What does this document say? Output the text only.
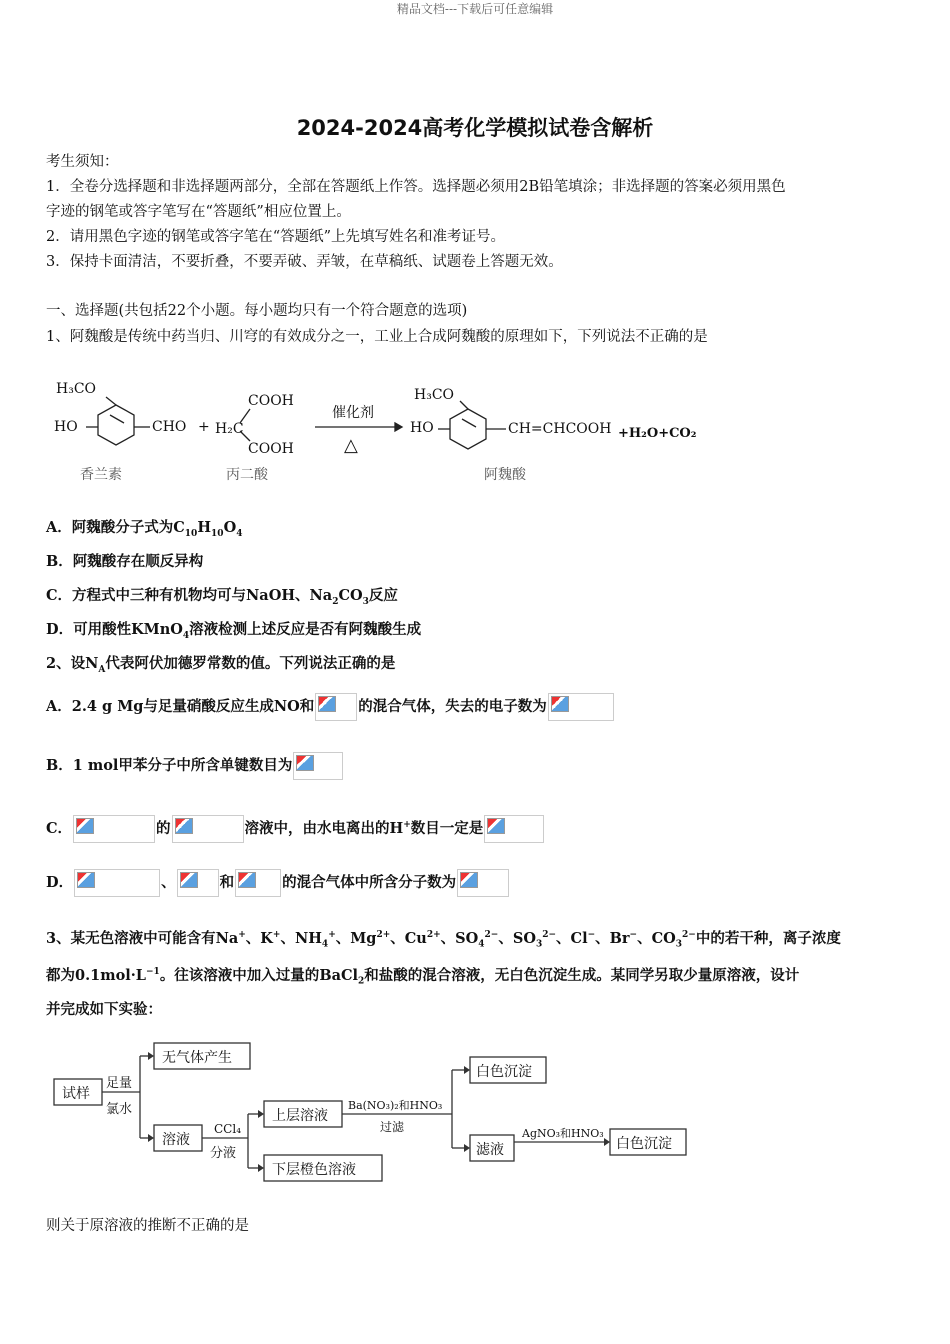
精品文档---下载后可任意编辑
2024-2024高考化学模拟试卷含解析
考生须知：
1．全卷分选择题和非选择题两部分，全部在答题纸上作答。选择题必须用2B铅笔填涂；非选择题的答案必须用黑色
字迹的钢笔或答字笔写在“答题纸”相应位置上。
2．请用黑色字迹的钢笔或答字笔在“答题纸”上先填写姓名和准考证号。
3．保持卡面清洁，不要折叠，不要弄破、弄皱，在草稿纸、试题卷上答题无效。
一、选择题(共包括22个小题。每小题均只有一个符合题意的选项)
1、阿魏酸是传统中药当归、川穹的有效成分之一，工业上合成阿魏酸的原理如下，下列说法不正确的是
H₃CO
HO	CHO +
COOH
H₂C
COOH
催化剂
△
H₃CO
HO	CH=CHCOOH +H₂O+CO₂
香兰素	丙二酸	阿魏酸
A．阿魏酸分子式为$C_{10}H_{10}O_4$
B．阿魏酸存在顺反异构
C．方程式中三种有机物均可与NaOH、$Na_2CO_3$反应
D．可用酸性KMnO$_4$溶液检测上述反应是否有阿魏酸生成
2、设$N_A$代表阿伏加德罗常数的值。下列说法正确的是
A．2.4 g Mg与足量硝酸反应生成NO和	的混合气体，失去的电子数为
B．1 mol甲苯分子中所含单键数目为
C．	的	溶液中，由水电离出的H+数目一定是
D．	、	和	的混合气体中所含分子数为
3、某无色溶液中可能含有Na+、K+、$NH_4^+$、$Mg^{2+}$、$Cu^{2+}$、$SO_4^{2-}$、$SO_3^{2-}$、Cl−、Br−、$CO_3^{2-}$中的若干种，离子浓度
都为$0.1mol\cdot L^{-1}$。往该溶液中加入过量的BaCl$_2$和盐酸的混合溶液，无白色沉淀生成。某同学另取少量原溶液，设计
并完成如下实验：
试样
足量
氯水
无气体产生
溶液
CCl₄
分液
上层溶液
下层橙色溶液
Ba(NO₃)₂和HNO₃
过滤
白色沉淀
滤液
AgNO₃和HNO₃
白色沉淀
则关于原溶液的推断不正确的是
